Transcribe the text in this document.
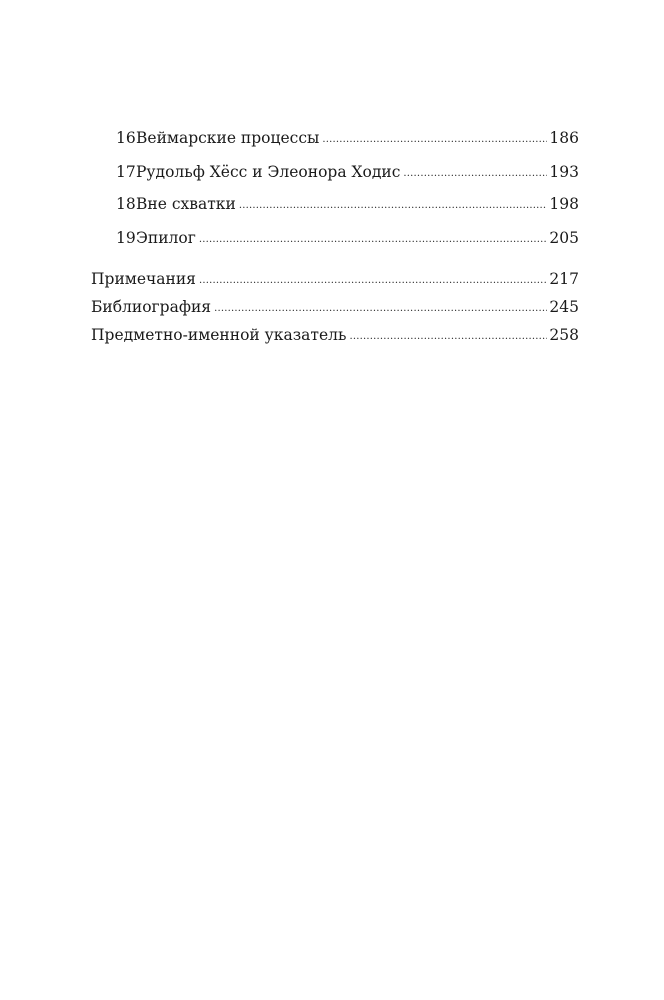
16 Веймарские процессы .....	186
17 Рудольф Хёсс и Элеонора Ходис .....	193
18 Вне схватки .....	198
19 Эпилог .....	205
Примечания .....	217
Библиография .....	245
Предметно-именной указатель .....	258
